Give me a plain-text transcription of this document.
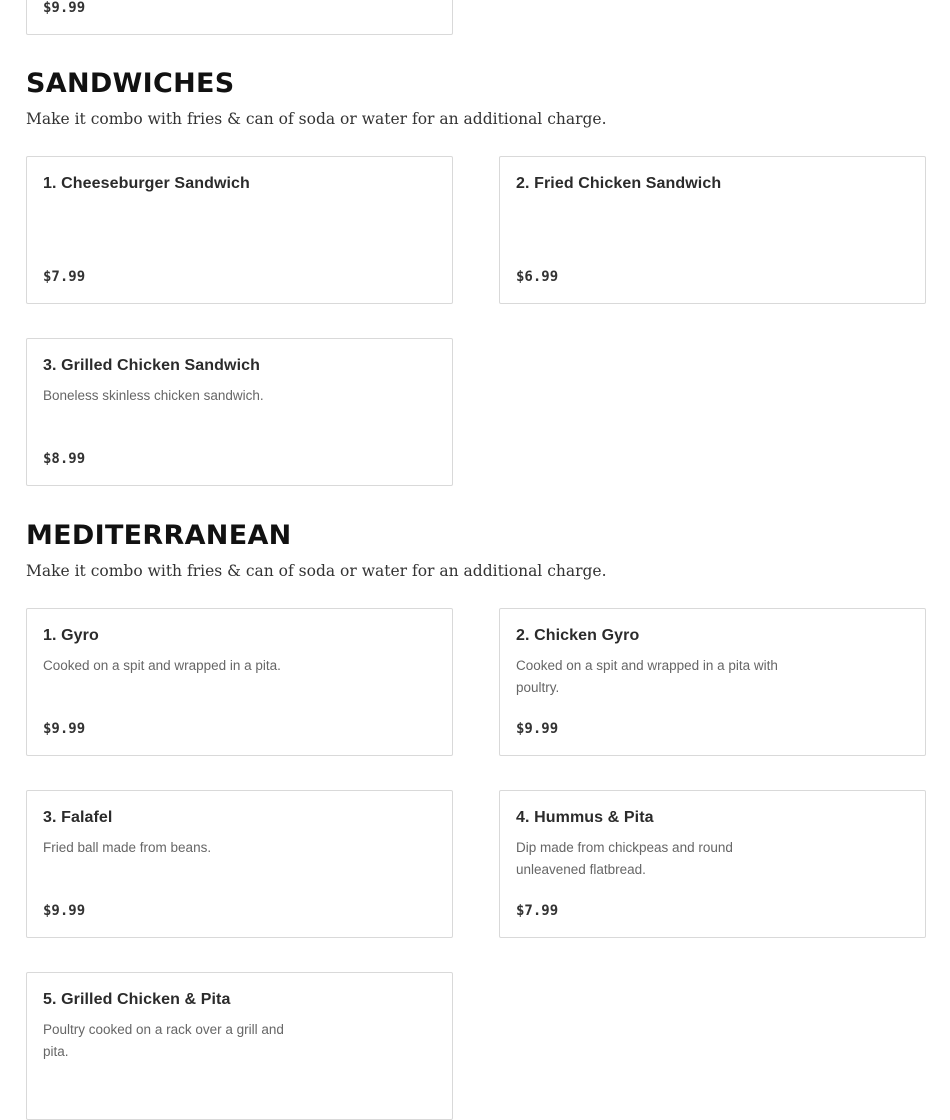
$9.99
SANDWICHES

Make it combo with fries & can of soda or water for an additional charge.

1. Cheeseburger Sandwich
$7.99
2. Fried Chicken Sandwich
$6.99
3. Grilled Chicken Sandwich
Boneless skinless chicken sandwich.
$8.99
MEDITERRANEAN

Make it combo with fries & can of soda or water for an additional charge.

1. Gyro
Cooked on a spit and wrapped in a pita.
$9.99
2. Chicken Gyro
Cooked on a spit and wrapped in a pita with poultry.
$9.99
3. Falafel
Fried ball made from beans.
$9.99
4. Hummus & Pita
Dip made from chickpeas and round unleavened flatbread.
$7.99
5. Grilled Chicken & Pita
Poultry cooked on a rack over a grill and pita.
